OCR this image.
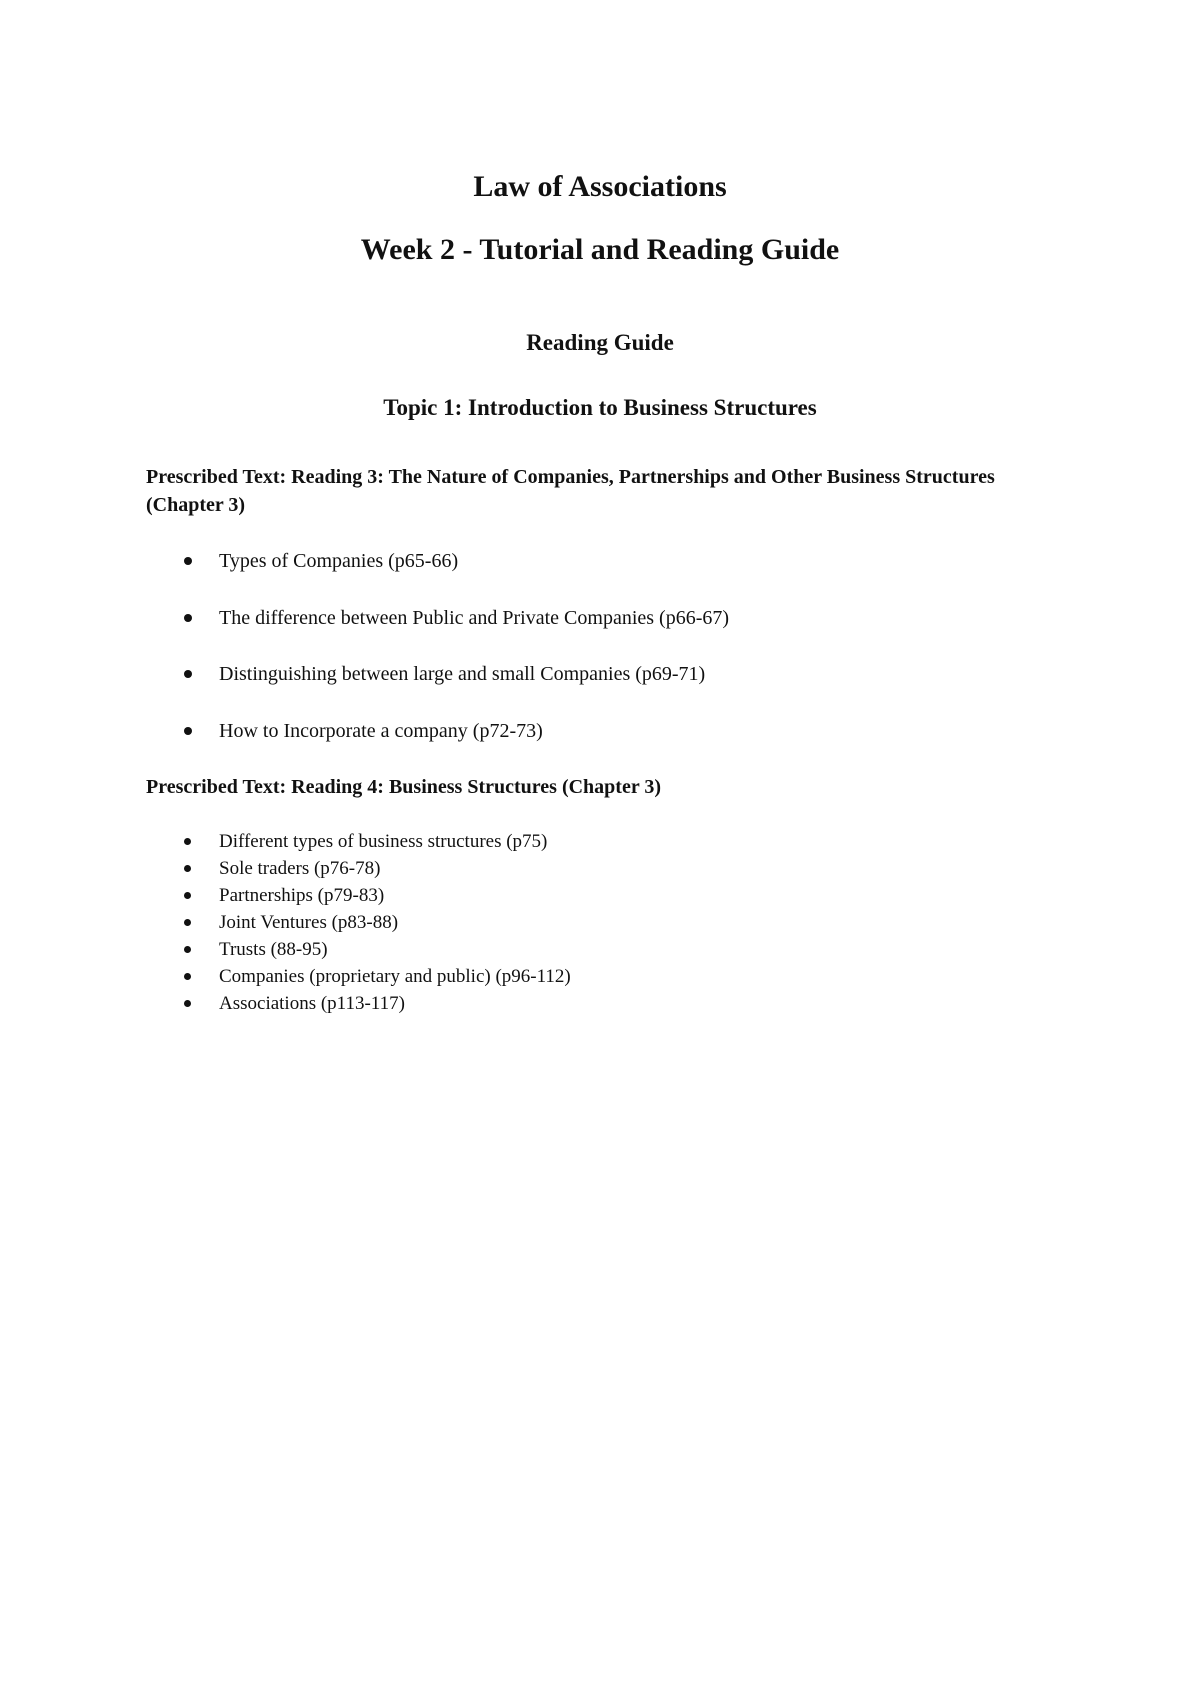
Law of Associations
Week 2 - Tutorial and Reading Guide
Reading Guide
Topic 1: Introduction to Business Structures

Prescribed Text: Reading 3: The Nature of Companies, Partnerships and Other Business Structures (Chapter 3)

Types of Companies (p65-66)
The difference between Public and Private Companies (p66-67)
Distinguishing between large and small Companies (p69-71)
How to Incorporate a company (p72-73)

Prescribed Text: Reading 4: Business Structures (Chapter 3)

Different types of business structures (p75)
Sole traders (p76-78)
Partnerships (p79-83)
Joint Ventures (p83-88)
Trusts (88-95)
Companies (proprietary and public) (p96-112)
Associations (p113-117)
